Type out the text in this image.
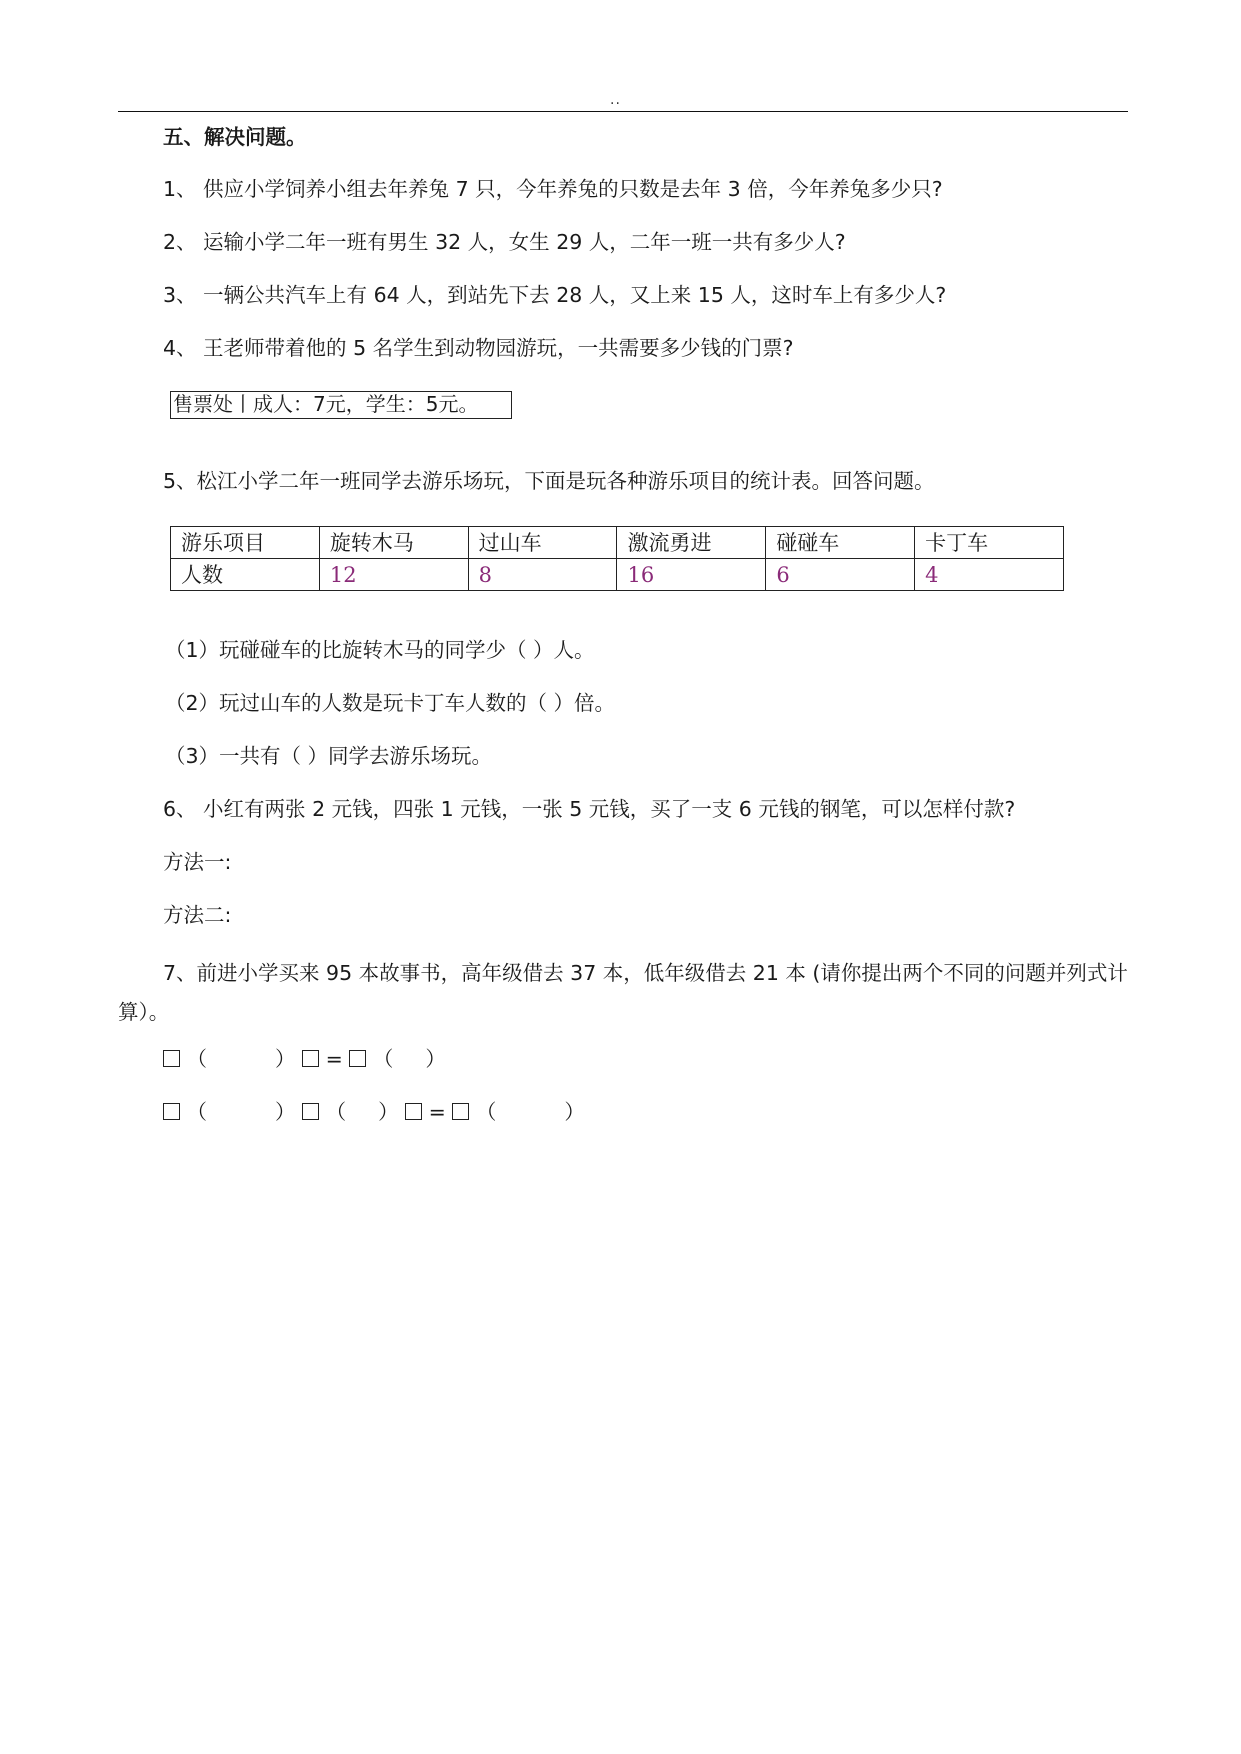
..
五、解决问题。
1、 供应小学饲养小组去年养兔 7 只，今年养兔的只数是去年 3 倍，今年养兔多少只?
2、 运输小学二年一班有男生 32 人，女生 29 人，二年一班一共有多少人?
3、 一辆公共汽车上有 64 人，到站先下去 28 人，又上来 15 人，这时车上有多少人?
4、 王老师带着他的 5 名学生到动物园游玩，一共需要多少钱的门票?
售票处丨成人：7元，学生：5元。
5、松江小学二年一班同学去游乐场玩，下面是玩各种游乐项目的统计表。回答问题。
游乐项目	旋转木马	过山车	激流勇进	碰碰车	卡丁车
人数	12	8	16	6	4
（1）玩碰碰车的比旋转木马的同学少（ ）人。
（2）玩过山车的人数是玩卡丁车人数的（ ）倍。
（3）一共有（ ）同学去游乐场玩。
6、 小红有两张 2 元钱，四张 1 元钱，一张 5 元钱，买了一支 6 元钱的钢笔，可以怎样付款?
方法一:
方法二:
7、前进小学买来 95 本故事书，高年级借去 37 本，低年级借去 21 本 (请你提出两个不同的问题并列式计算）。
（	） = （ ）
（	） （ ） = （	）
